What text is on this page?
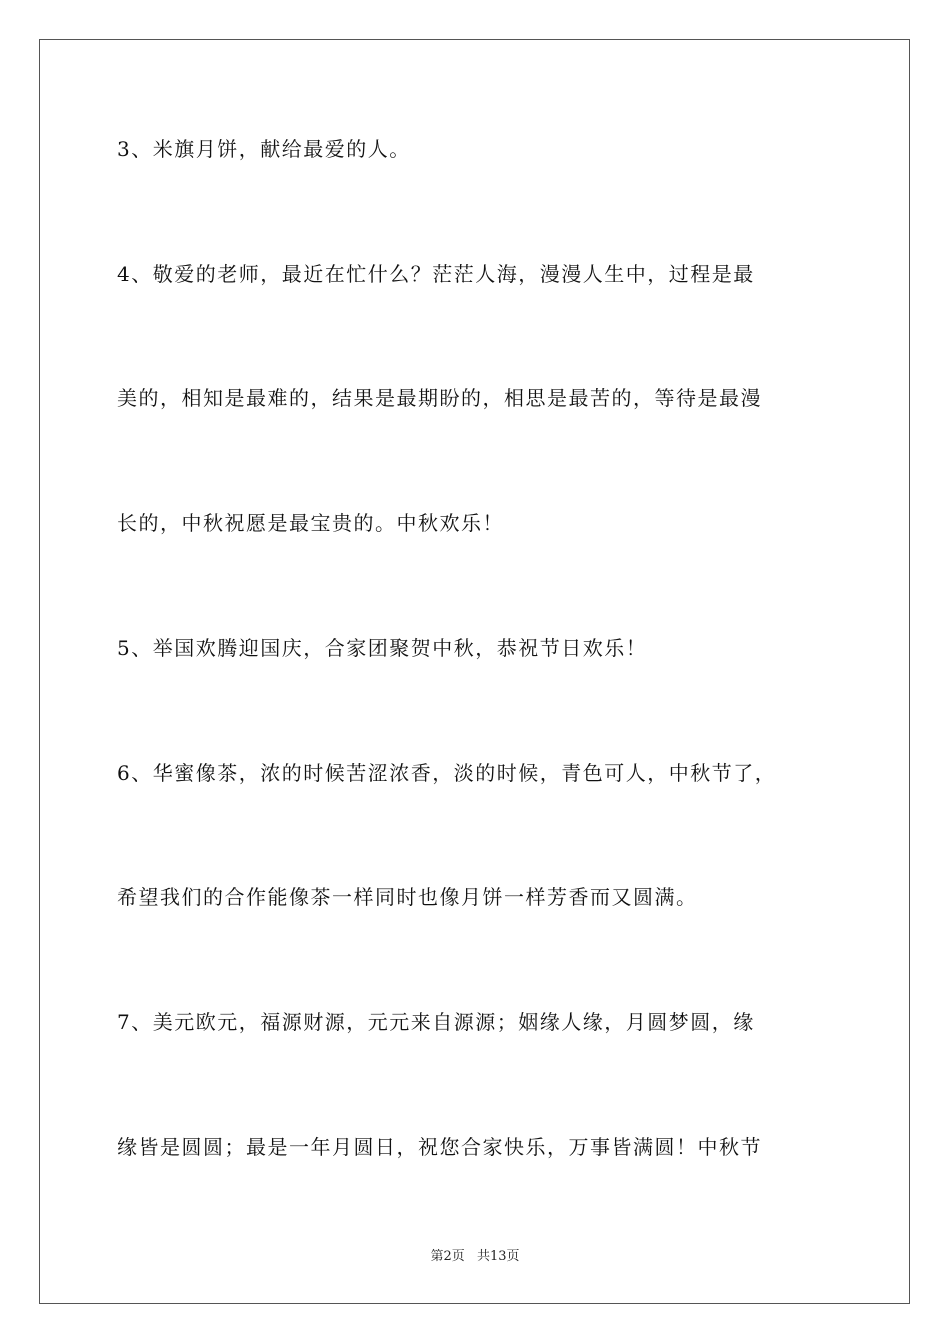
3、米旗月饼，献给最爱的人。
4、敬爱的老师，最近在忙什么？茫茫人海，漫漫人生中，过程是最
美的，相知是最难的，结果是最期盼的，相思是最苦的，等待是最漫
长的，中秋祝愿是最宝贵的。中秋欢乐！
5、举国欢腾迎国庆，合家团聚贺中秋，恭祝节日欢乐！
6、华蜜像茶，浓的时候苦涩浓香，淡的时候，青色可人，中秋节了，
希望我们的合作能像茶一样同时也像月饼一样芳香而又圆满。
7、美元欧元，福源财源，元元来自源源；姻缘人缘，月圆梦圆，缘
缘皆是圆圆；最是一年月圆日，祝您合家快乐，万事皆满圆！中秋节
第2页 共13页
